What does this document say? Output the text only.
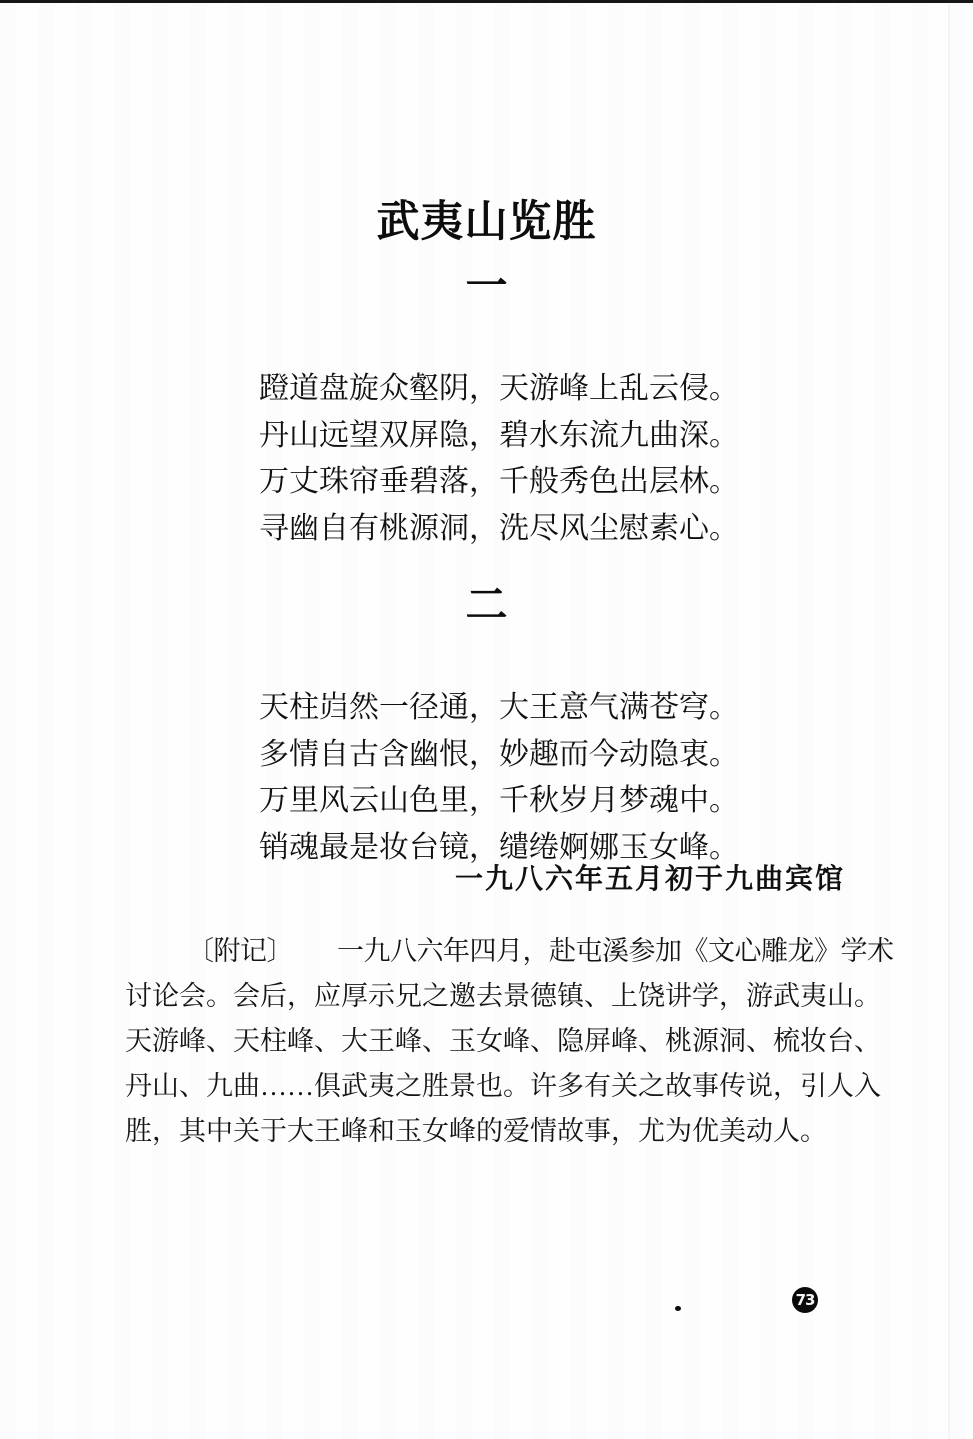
武夷山览胜
一
蹬道盘旋众壑阴，天游峰上乱云侵。
丹山远望双屏隐，碧水东流九曲深。
万丈珠帘垂碧落，千般秀色出层林。
寻幽自有桃源洞，洗尽风尘慰素心。
二
天柱岿然一径通，大王意气满苍穹。
多情自古含幽恨，妙趣而今动隐衷。
万里风云山色里，千秋岁月梦魂中。
销魂最是妆台镜，缱绻婀娜玉女峰。
一九八六年五月初于九曲宾馆
〔附记〕 一九八六年四月，赴屯溪参加《文心雕龙》学术
讨论会。会后，应厚示兄之邀去景德镇、上饶讲学，游武夷山。
天游峰、天柱峰、大王峰、玉女峰、隐屏峰、桃源洞、梳妆台、
丹山、九曲……俱武夷之胜景也。许多有关之故事传说，引人入
胜，其中关于大王峰和玉女峰的爱情故事，尤为优美动人。
73
